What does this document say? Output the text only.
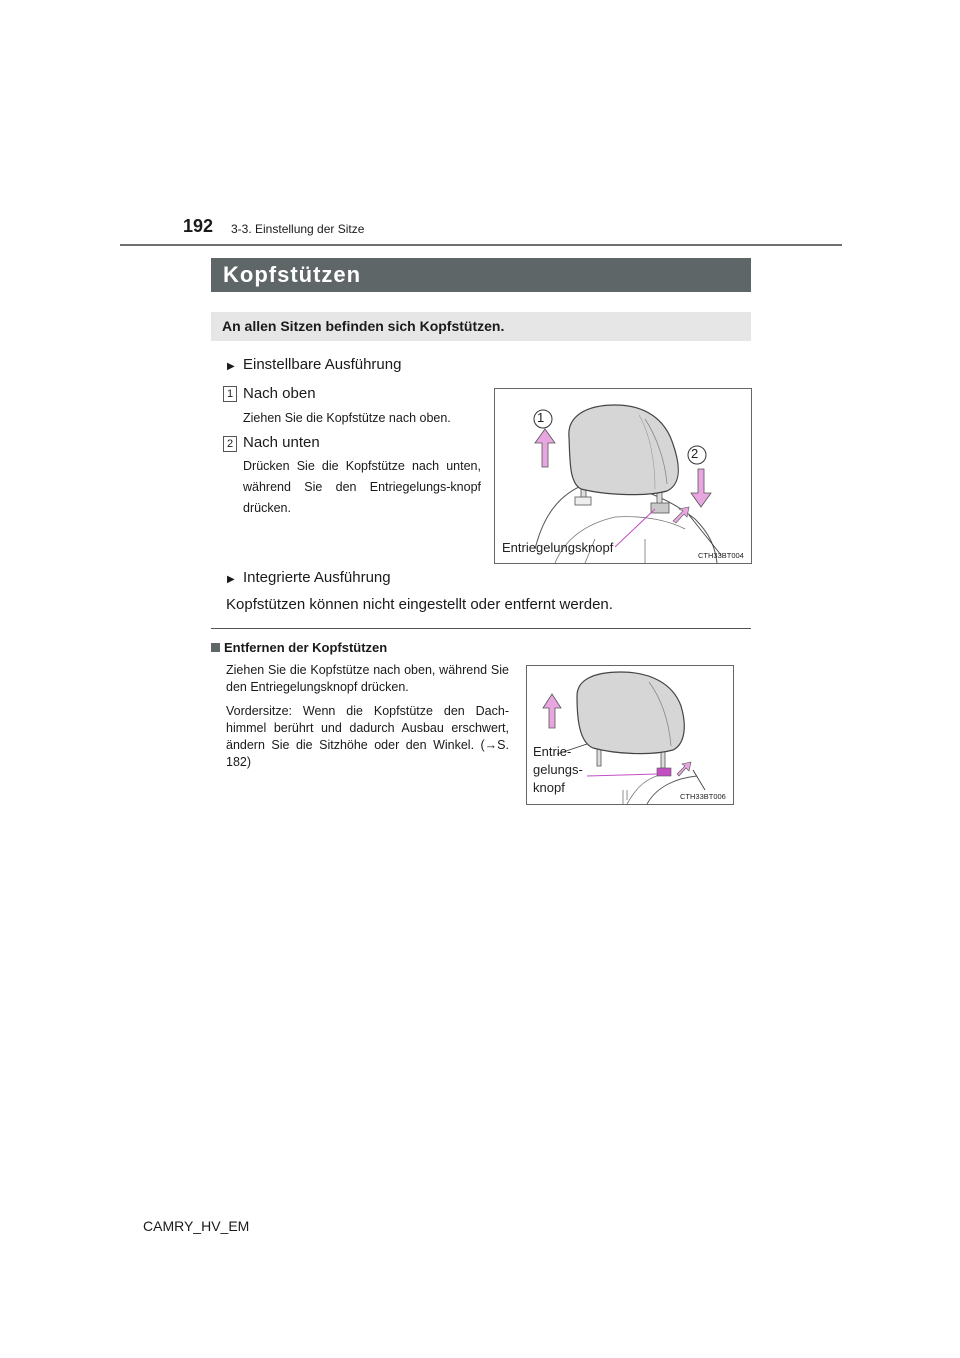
192 3-3. Einstellung der Sitze
Kopfstützen
An allen Sitzen befinden sich Kopfstützen.
▶ Einstellbare Ausführung
1 Nach oben
Ziehen Sie die Kopfstütze nach oben.
2 Nach unten
Drücken Sie die Kopfstütze nach unten, während Sie den Entriegelungs-knopf drücken.
1
2
Entriegelungsknopf
CTH33BT004
▶ Integrierte Ausführung
Kopfstützen können nicht eingestellt oder entfernt werden.
Entfernen der Kopfstützen
Ziehen Sie die Kopfstütze nach oben, während Sie den Entriegelungsknopf drücken.
Vordersitze: Wenn die Kopfstütze den Dach-himmel berührt und dadurch Ausbau erschwert, ändern Sie die Sitzhöhe oder den Winkel. (→S. 182)
Entrie-
gelungs-
knopf
CTH33BT006
CAMRY_HV_EM
